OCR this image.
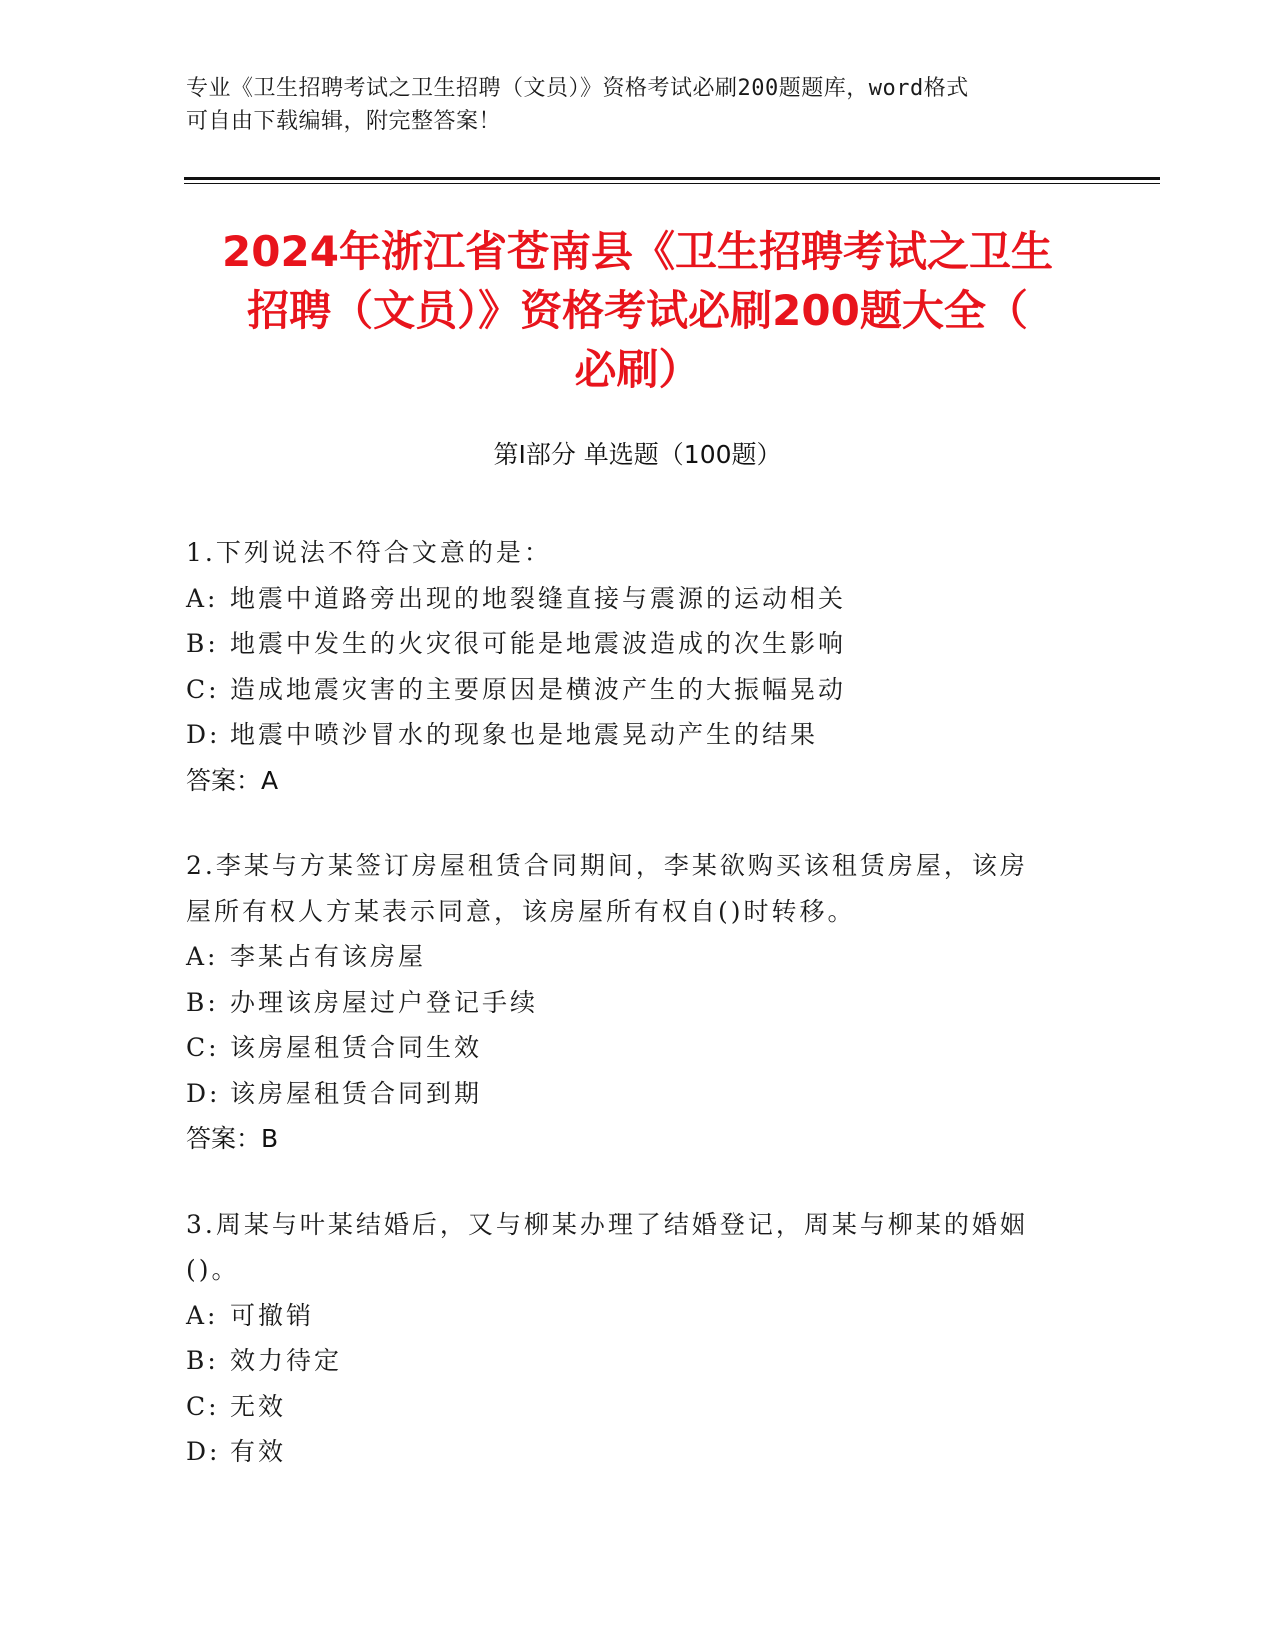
专业《卫生招聘考试之卫生招聘（文员）》资格考试必刷200题题库，word格式
可自由下载编辑，附完整答案！
2024年浙江省苍南县《卫生招聘考试之卫生
招聘（文员）》资格考试必刷200题大全（
必刷）
第Ⅰ部分 单选题（100题）
1.下列说法不符合文意的是：
A: 地震中道路旁出现的地裂缝直接与震源的运动相关
B: 地震中发生的火灾很可能是地震波造成的次生影响
C: 造成地震灾害的主要原因是横波产生的大振幅晃动
D: 地震中喷沙冒水的现象也是地震晃动产生的结果
答案：A
2.李某与方某签订房屋租赁合同期间，李某欲购买该租赁房屋，该房
屋所有权人方某表示同意，该房屋所有权自()时转移。
A: 李某占有该房屋
B: 办理该房屋过户登记手续
C: 该房屋租赁合同生效
D: 该房屋租赁合同到期
答案：B
3.周某与叶某结婚后，又与柳某办理了结婚登记，周某与柳某的婚姻
()。
A: 可撤销
B: 效力待定
C: 无效
D: 有效
